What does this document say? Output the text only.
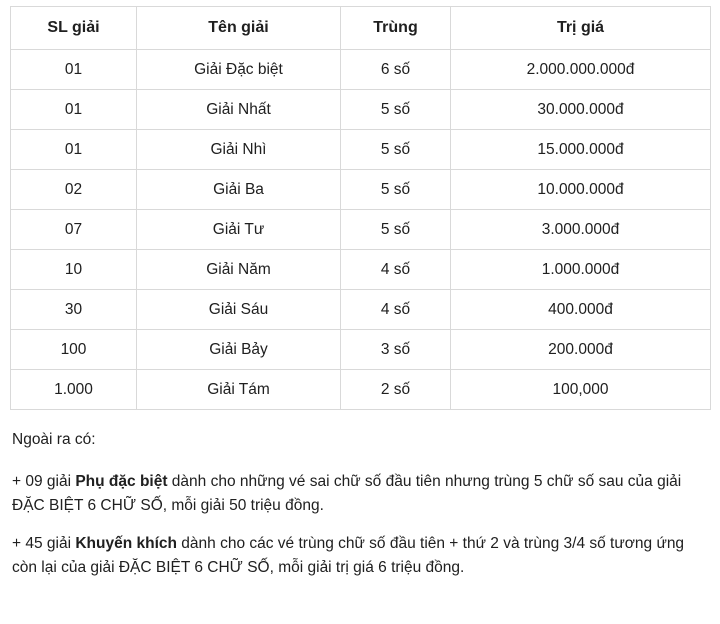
SL giải	Tên giải	Trùng	Trị giá
01	Giải Đặc biệt	6 số	2.000.000.000đ
01	Giải Nhất	5 số	30.000.000đ
01	Giải Nhì	5 số	15.000.000đ
02	Giải Ba	5 số	10.000.000đ
07	Giải Tư	5 số	3.000.000đ
10	Giải Năm	4 số	1.000.000đ
30	Giải Sáu	4 số	400.000đ
100	Giải Bảy	3 số	200.000đ
1.000	Giải Tám	2 số	100,000

Ngoài ra có:

+ 09 giải Phụ đặc biệt dành cho những vé sai chữ số đầu tiên nhưng trùng 5 chữ số sau của giải ĐẶC BIỆT 6 CHỮ SỐ, mỗi giải 50 triệu đồng.

+ 45 giải Khuyến khích dành cho các vé trùng chữ số đầu tiên + thứ 2 và trùng 3/4 số tương ứng còn lại của giải ĐẶC BIỆT 6 CHỮ SỐ, mỗi giải trị giá 6 triệu đồng.
